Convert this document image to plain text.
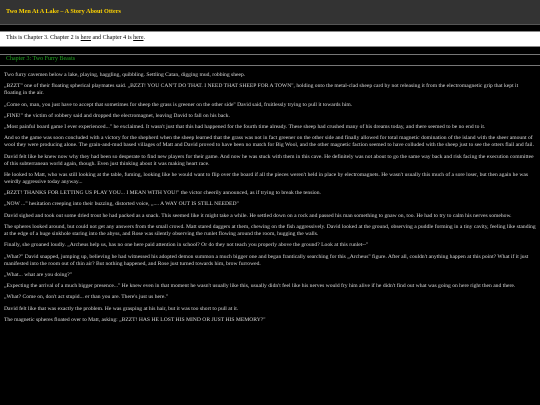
Two Men At A Lake – A Story About Otters
This is Chapter 3. Chapter 2 is
here
and Chapter 4 is
here .
Chapter 3: Two Furry Beasts

Two furry cavemen below a lake, playing, haggling, quibbling. Settling Catan, digging mud, robbing sheep.

„BZZT" one of their floating spherical playmates said. „BZZT! YOU CAN'T DO THAT. I NEED THAT SHEEP FOR A TOWN", holding onto the metal-clad sheep card by not releasing it from the electromagnetic grip that kept it floating in the air.

„Come on, man, you just have to accept that sometimes for sheep the grass is greener on the other side" David said, fruitlessly trying to pull it towards him.

„FINE!" the victim of robbery said and dropped the electromagnet, leaving David to fall on his back.

„Most painful board game I ever experienced..." he exclaimed. It wasn't just that this had happened for the fourth time already. These sheep had crushed many of his dreams today, and there seemed to be no end to it.

And so the game was soon concluded with a victory for the shepherd when the sheep learned that the grass was not in fact greener on the other side and finally allowed for total magnetic domination of the island with the sheer amount of wool they were producing alone. The grain-and-mud based villages of Matt and David proved to have been no match for Big Wool, and the other magnetic faction seemed to have colluded with the sheep just to see the otters flail and fail.

David felt like he knew now why they had been so desperate to find new players for their game. And now he was stuck with them in this cave. He definitely was not about to go the same way back and risk facing the execution committee of this subterranean world again, though. Even just thinking about it was making heart race.

He looked to Matt, who was still looking at the table, fuming, looking like he would want to flip over the board if all the pieces weren't held in place by electromagnets. He wasn't usually this much of a sore loser, but then again he was weirdly aggressive today anyway...

„BZZT! THANKS FOR LETTING US PLAY YOU... I MEAN WITH YOU!" the victor cheerily announced, as if trying to break the tension.

„NOW ..." hesitation creeping into their buzzing, distorted voice, „.... A WAY OUT IS STILL NEEDED"

David sighed and took out some dried trout he had packed as a snack. This seemed like it might take a while. He settled down on a rock and passed his man something to gnaw on, too. He had to try to calm his nerves somehow.

The spheres looked around, but could not get any answers from the small crowd. Matt stared daggers at them, chewing on the fish aggressively. David looked at the ground, observing a puddle forming in a tiny cavity, feeling like standing at the edge of a huge sinkhole staring into the abyss, and Rose was silently observing the runlet flowing around the room, hugging the walls.

Finally, she groaned loudly. „Archeus help us, has no one here paid attention in school? Or do they not teach you properly above the ground? Look at this runlet--"

„What?" David snapped, jumping up, believing he had witnessed his adopted demon summon a much bigger one and began frantically searching for this „Archeus" figure. After all, couldn't anything happen at this point? What if it just manifested into the room out of thin air? But nothing happened, and Rose just turned towards him, brow furrowed.

„What... what are you doing?"

„Expecting the arrival of a much bigger presence..." He knew even in that moment he wasn't usually like this, usually didn't feel like his nerves would fry him alive if he didn't find out what was going on here right then and there.

„What? Come on, don't act stupid... er than you are. There's just us here."

David felt like that was exactly the problem. He was grasping at his hair, but it was too short to pull at it.

The magnetic spheres floated over to Matt, asking: „BZZT! HAS HE LOST HIS MIND OR JUST HIS MEMORY?"
